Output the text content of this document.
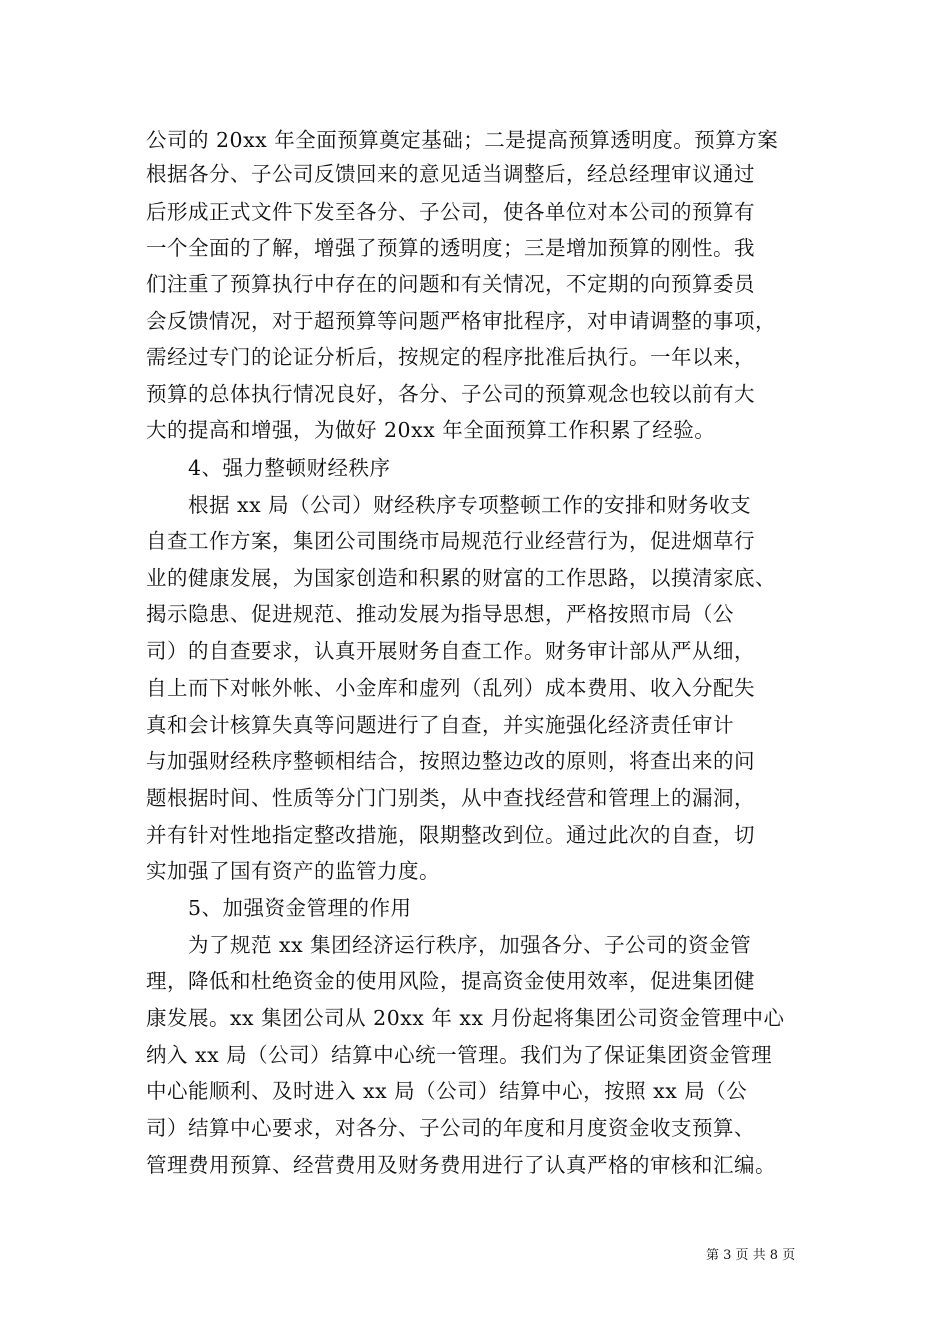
公司的 20xx 年全面预算奠定基础；二是提高预算透明度。预算方案
根据各分、子公司反馈回来的意见适当调整后，经总经理审议通过
后形成正式文件下发至各分、子公司，使各单位对本公司的预算有
一个全面的了解，增强了预算的透明度；三是增加预算的刚性。我
们注重了预算执行中存在的问题和有关情况，不定期的向预算委员
会反馈情况，对于超预算等问题严格审批程序，对申请调整的事项，
需经过专门的论证分析后，按规定的程序批准后执行。一年以来，
预算的总体执行情况良好，各分、子公司的预算观念也较以前有大
大的提高和增强，为做好 20xx 年全面预算工作积累了经验。
4、强力整顿财经秩序
根据 xx 局（公司）财经秩序专项整顿工作的安排和财务收支
自查工作方案，集团公司围绕市局规范行业经营行为，促进烟草行
业的健康发展，为国家创造和积累的财富的工作思路，以摸清家底、
揭示隐患、促进规范、推动发展为指导思想，严格按照市局（公
司）的自查要求，认真开展财务自查工作。财务审计部从严从细，
自上而下对帐外帐、小金库和虚列（乱列）成本费用、收入分配失
真和会计核算失真等问题进行了自查，并实施强化经济责任审计
与加强财经秩序整顿相结合，按照边整边改的原则，将查出来的问
题根据时间、性质等分门门别类，从中查找经营和管理上的漏洞，
并有针对性地指定整改措施，限期整改到位。通过此次的自查，切
实加强了国有资产的监管力度。
5、加强资金管理的作用
为了规范 xx 集团经济运行秩序，加强各分、子公司的资金管
理，降低和杜绝资金的使用风险，提高资金使用效率，促进集团健
康发展。xx 集团公司从 20xx 年 xx 月份起将集团公司资金管理中心
纳入 xx 局（公司）结算中心统一管理。我们为了保证集团资金管理
中心能顺利、及时进入 xx 局（公司）结算中心，按照 xx 局（公
司）结算中心要求，对各分、子公司的年度和月度资金收支预算、
管理费用预算、经营费用及财务费用进行了认真严格的审核和汇编。
第 3 页 共 8 页
